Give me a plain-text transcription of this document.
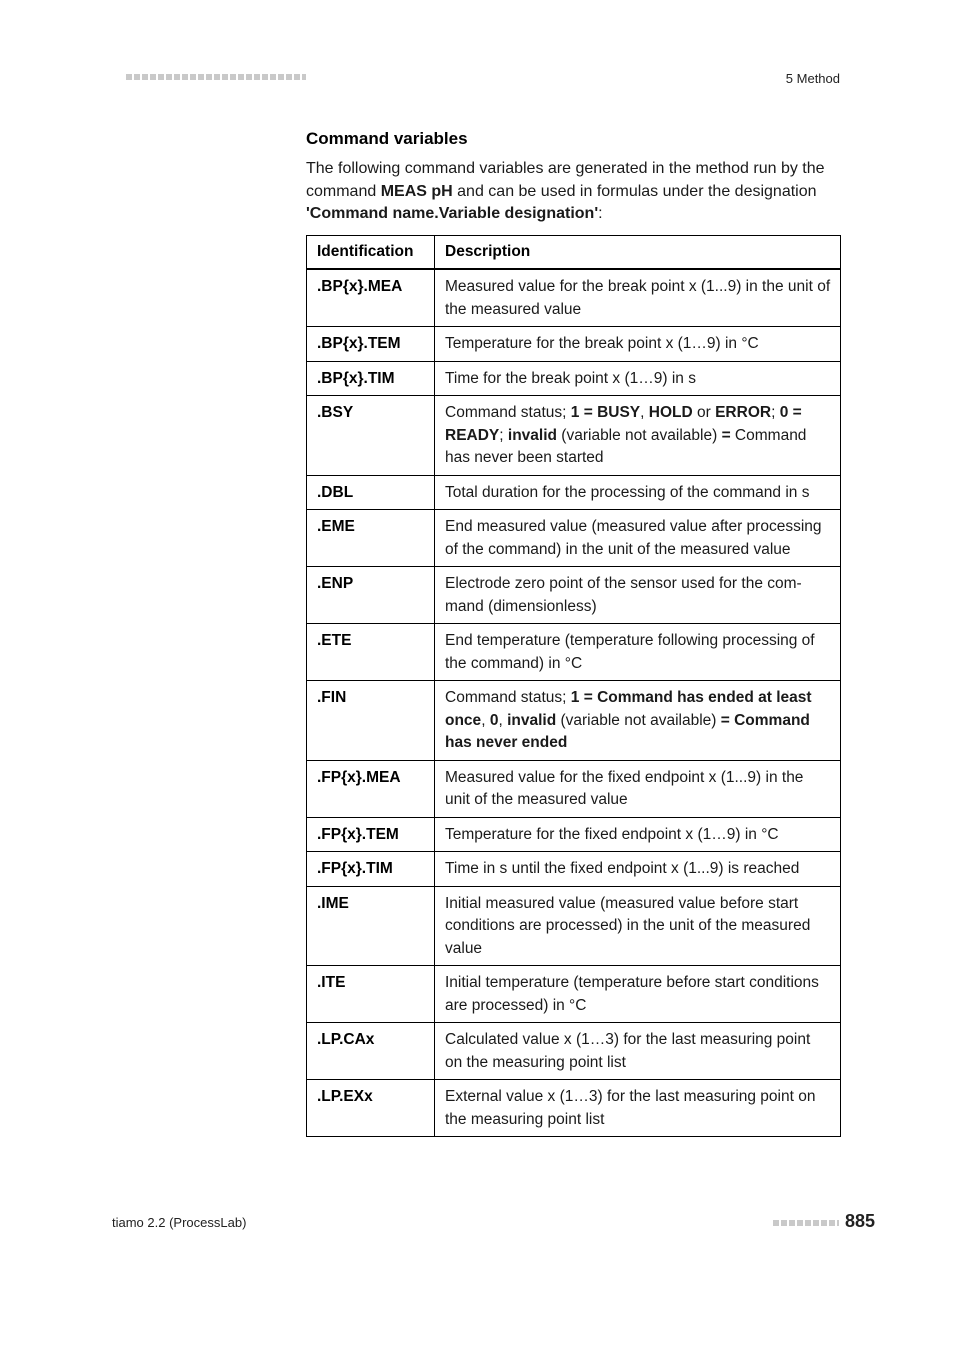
5 Method
Command variables

The following command variables are generated in the method run by the command MEAS pH and can be used in formulas under the designation 'Command name.Variable designation':

Identification	Description
.BP{x}.MEA	Measured value for the break point x (1...9) in the unit of the measured value
.BP{x}.TEM	Temperature for the break point x (1…9) in °C
.BP{x}.TIM	Time for the break point x (1…9) in s
.BSY	Command status; 1 = BUSY, HOLD or ERROR; 0 = READY; invalid (variable not available) = Command has never been started
.DBL	Total duration for the processing of the command in s
.EME	End measured value (measured value after processing of the command) in the unit of the measured value
.ENP	Electrode zero point of the sensor used for the com-mand (dimensionless)
.ETE	End temperature (temperature following processing of the command) in °C
.FIN	Command status; 1 = Command has ended at least once, 0, invalid (variable not available) = Command has never ended
.FP{x}.MEA	Measured value for the fixed endpoint x (1...9) in the unit of the measured value
.FP{x}.TEM	Temperature for the fixed endpoint x (1…9) in °C
.FP{x}.TIM	Time in s until the fixed endpoint x (1...9) is reached
.IME	Initial measured value (measured value before start conditions are processed) in the unit of the measured value
.ITE	Initial temperature (temperature before start conditions are processed) in °C
.LP.CAx	Calculated value x (1…3) for the last measuring point on the measuring point list
.LP.EXx	External value x (1…3) for the last measuring point on the measuring point list
tiamo 2.2 (ProcessLab)	885
